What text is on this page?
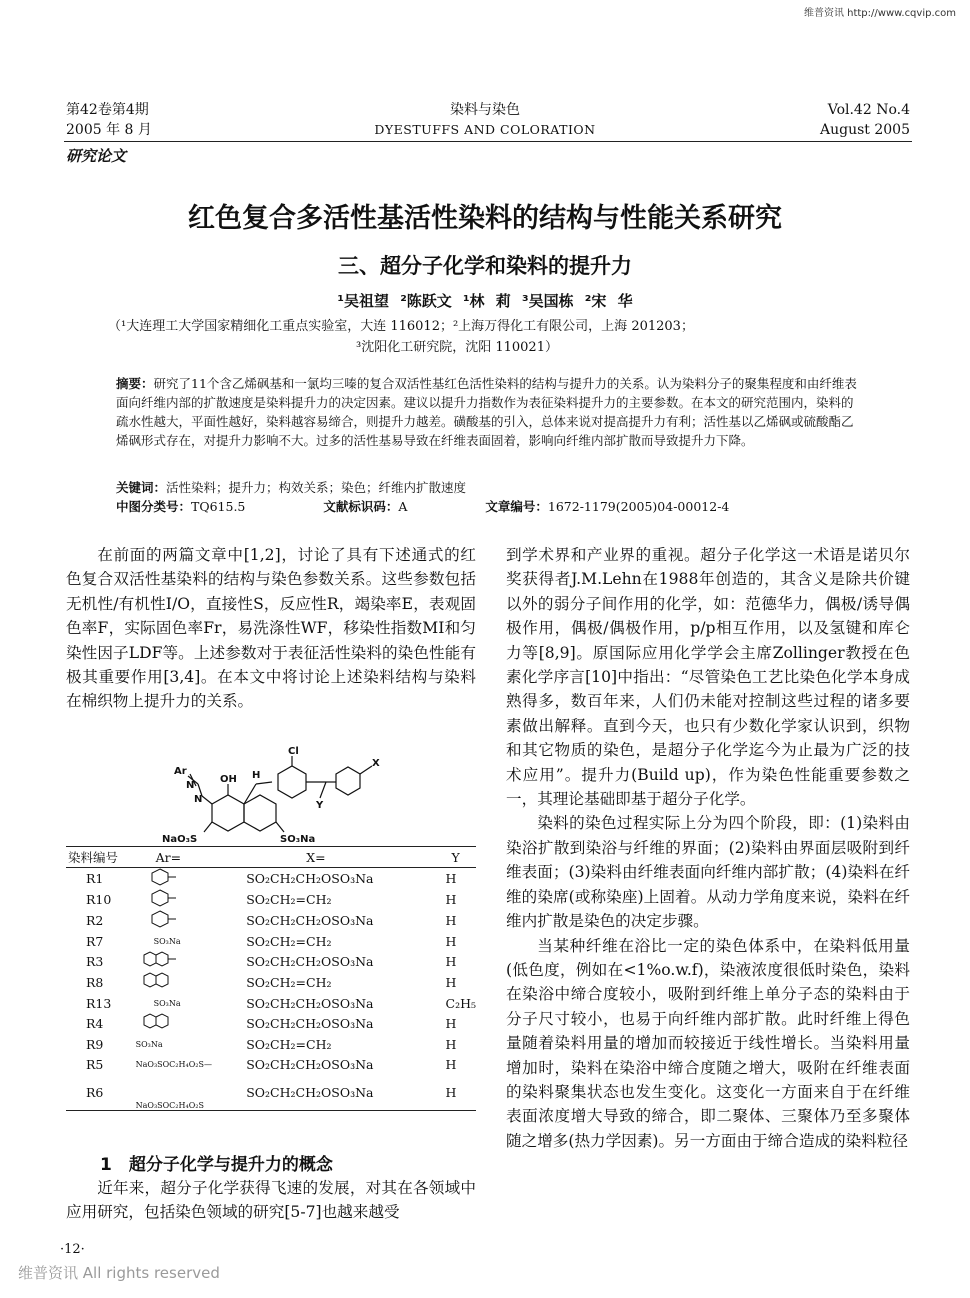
维普资讯 http://www.cqvip.com
第42卷第4期
2005 年 8 月
染料与染色
DYESTUFFS AND COLORATION
Vol.42 No.4
August 2005
研究论文
红色复合多活性基活性染料的结构与性能关系研究
三、超分子化学和染料的提升力
¹吴祖望 ²陈跃文 ¹林 莉 ³吴国栋 ²宋 华
（¹大连理工大学国家精细化工重点实验室，大连 116012；²上海万得化工有限公司，上海 201203；
³沈阳化工研究院，沈阳 110021）
摘要：研究了11个含乙烯砜基和一氯均三嗪的复合双活性基红色活性染料的结构与提升力的关系。认为染料分子的聚集程度和由纤维表面向纤维内部的扩散速度是染料提升力的决定因素。建议以提升力指数作为表征染料提升力的主要参数。在本文的研究范围内，染料的疏水性越大，平面性越好，染料越容易缔合，则提升力越差。磺酸基的引入，总体来说对提高提升力有利；活性基以乙烯砜或硫酸酯乙烯砜形式存在，对提升力影响不大。过多的活性基易导致在纤维表面固着，影响向纤维内部扩散而导致提升力下降。
关键词：活性染料；提升力；构效关系；染色；纤维内扩散速度
中图分类号：TQ615.5	文献标识码：A	文章编号：1672-1179(2005)04-00012-4
在前面的两篇文章中[1,2]，讨论了具有下述通式的红色复合双活性基染料的结构与染色参数关系。这些参数包括无机性/有机性I/O，直接性S，反应性R，竭染率E，表观固色率F，实际固色率Fr，易洗涤性WF，移染性指数MI和匀染性因子LDF等。上述参数对于表征活性染料的染色性能有极其重要作用[3,4]。在本文中将讨论上述染料结构与染料在棉织物上提升力的关系。
Cl
X
H
Y
OH
Ar
N
N
NaO₃S	SO₃Na
染料编号	Ar=	X=	Y

R1		SO₂CH₂CH₂OSO₃Na	H
R10		SO₂CH₂=CH₂	H
R2		SO₂CH₂CH₂OSO₃Na	H
R7	SO₃Na	SO₂CH₂=CH₂	H
R3		SO₂CH₂CH₂OSO₃Na	H
R8		SO₂CH₂=CH₂	H
R13	SO₃Na	SO₂CH₂CH₂OSO₃Na	C₂H₅
R4		SO₂CH₂CH₂OSO₃Na	H
R9	SO₃Na	SO₂CH₂=CH₂	H
R5	NaO₃SOC₂H₄O₂S—	SO₂CH₂CH₂OSO₃Na	H
R6	NaO₃SOC₂H₄O₂S	SO₂CH₂CH₂OSO₃Na	H
1　超分子化学与提升力的概念
近年来，超分子化学获得飞速的发展，对其在各领域中应用研究，包括染色领域的研究[5-7]也越来越受

到学术界和产业界的重视。超分子化学这一术语是诺贝尔奖获得者J.M.Lehn在1988年创造的，其含义是除共价键以外的弱分子间作用的化学，如：范德华力，偶极/诱导偶极作用，偶极/偶极作用，p/p相互作用，以及氢键和库仑力等[8,9]。原国际应用化学学会主席Zollinger教授在色素化学序言[10]中指出：“尽管染色工艺比染色化学本身成熟得多，数百年来，人们仍未能对控制这些过程的诸多要素做出解释。直到今天，也只有少数化学家认识到，织物和其它物质的染色，是超分子化学迄今为止最为广泛的技术应用”。提升力(Build up)，作为染色性能重要参数之一，其理论基础即基于超分子化学。

染料的染色过程实际上分为四个阶段，即：(1)染料由染浴扩散到染浴与纤维的界面；(2)染料由界面层吸附到纤维表面；(3)染料由纤维表面向纤维内部扩散；(4)染料在纤维的染席(或称染座)上固着。从动力学角度来说，染料在纤维内扩散是染色的决定步骤。

当某种纤维在浴比一定的染色体系中，在染料低用量(低色度，例如在<1%o.w.f)，染液浓度很低时染色，染料在染浴中缔合度较小，吸附到纤维上单分子态的染料由于分子尺寸较小，也易于向纤维内部扩散。此时纤维上得色量随着染料用量的增加而较接近于线性增长。当染料用量增加时，染料在染浴中缔合度随之增大，吸附在纤维表面的染料聚集状态也发生变化。这变化一方面来自于在纤维表面浓度增大导致的缔合，即二聚体、三聚体乃至多聚体随之增多(热力学因素)。另一方面由于缔合造成的染料粒径

·12·
维普资讯 All rights reserved
